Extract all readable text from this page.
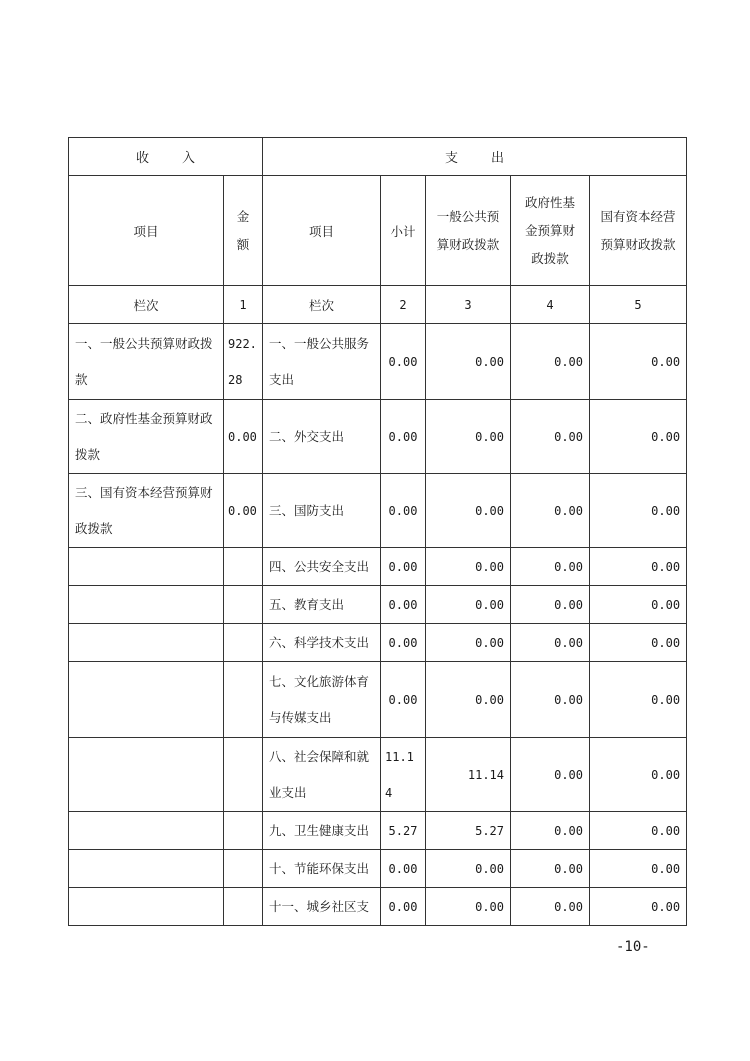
收        入		支        出				
项目	金额	项目	小计	一般公共预算财政拨款	政府性基金预算财政拨款	国有资本经营预算财政拨款
栏次	1	栏次	2	3	4	5
一、一般公共预算财政拨款	922.28	一、一般公共服务支出	0.00	0.00	0.00	0.00
二、政府性基金预算财政拨款	0.00	二、外交支出	0.00	0.00	0.00	0.00
三、国有资本经营预算财政拨款	0.00	三、国防支出	0.00	0.00	0.00	0.00
		四、公共安全支出	0.00	0.00	0.00	0.00
		五、教育支出	0.00	0.00	0.00	0.00
		六、科学技术支出	0.00	0.00	0.00	0.00
		七、文化旅游体育与传媒支出	0.00	0.00	0.00	0.00
		八、社会保障和就业支出	11.14	11.14	0.00	0.00
		九、卫生健康支出	5.27	5.27	0.00	0.00
		十、节能环保支出	0.00	0.00	0.00	0.00
		十一、城乡社区支	0.00	0.00	0.00	0.00
-10-
